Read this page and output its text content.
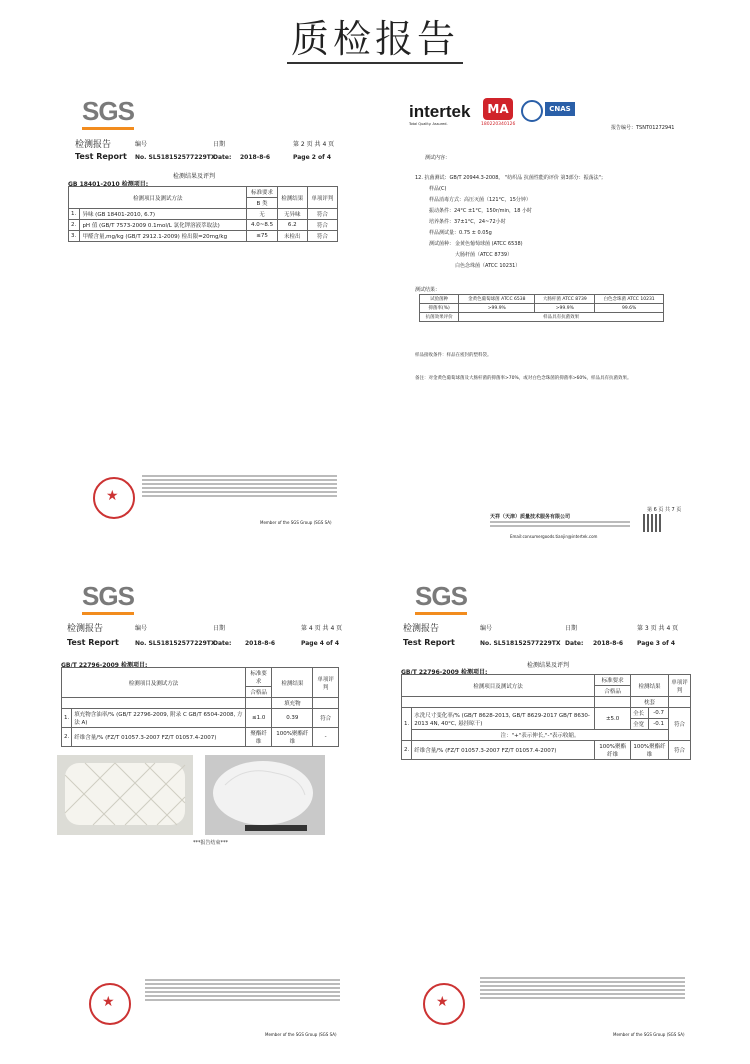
质检报告
SGS
检测报告	编号	日期	第 2 页 共 4 页
Test Report No. SL518152577229TX
Date: 2018-8-6	Page 2 of 4
检测结果及评判
GB 18401-2010 检测项目:
检测项目及测试方法		标准要求	检测结果	单项评判
		B 类		
1.	异味 (GB 18401-2010, 6.7)	无	无异味	符合
2.	pH 值 (GB/T 7573-2009 0.1mol/L 氯化钾溶液萃取法)	4.0~8.5	6.2	符合
3.	甲醛含量,mg/kg (GB/T 2912.1-2009) 检出限=20mg/kg	≤75	未检出	符合
★
Member of the SGS Group (SGS SA)
intertek
Total Quality. Assured.
MA
180220340126
CNAS
报告编号：TSNT01272941
测试内容：
12. 抗菌测试：GB/T 20944.3-2008。 "纺织品 抗菌性能的评价 第3部分：振荡法"；
样品(C)
样品消毒方式：高压灭菌（121°C，15分钟）
振动条件：24°C ±1°C，150r/min，18 小时
培养条件：37±1°C，24~72小时
样品测试量：0.75 ± 0.05g
测试菌种： 金黄色葡萄球菌 (ATCC 6538)
大肠杆菌（ATCC 8739）
白色念珠菌（ATCC 10231）
测试结果：
试验菌种	金黄色葡萄球菌 ATCC 6538	大肠杆菌 ATCC 8739	白色念珠菌 ATCC 10231
抑菌率(%)	>99.9%	>99.9%	99.6%
抗菌效果评价	样品具有抗菌效果		
样品接收条件：样品在密封的塑料袋。
备注：对金黄色葡萄球菌及大肠杆菌的抑菌率>70%，或对白色念珠菌的抑菌率>60%，样品具有抗菌效果。
第 6 页 共 7 页
天祥（天津）质量技术服务有限公司
Email:consumergoods.tianjin@intertek.com
SGS
检测报告	编号	日期	第 4 页 共 4 页
Test Report	No. SL518152577229TX
Date: 2018-8-6	Page 4 of 4
GB/T 22796-2009 检测项目:
检测项目及测试方法		标准要求	检测结果	单项评判
		合格品		
			填充物	
1.	填充物含油率/% (GB/T 22796-2009, 附录 C GB/T 6504-2008, 方法 A)	≤1.0	0.39	符合
2.	纤维含量/% (FZ/T 01057.3-2007 FZ/T 01057.4-2007)	聚酯纤维	100%聚酯纤维	-
***报告结束***
★
Member of the SGS Group (SGS SA)
SGS
检测报告	编号	日期	第 3 页 共 4 页
Test Report	No. SL518152577229TX Date: 2018-8-6 Page 3 of 4
检测结果及评判
GB/T 22796-2009 检测项目:
检测项目及测试方法		标准要求	检测结果		单项评判
		合格品			
			枕套		
1.	水洗尺寸变化率/% (GB/T 8628-2013, GB/T 8629-2017 GB/T 8630-2013 4N, 40°C, 悬挂晾干)	±5.0	全长	-0.7	符合
			全宽	-0.1	
	注："+"表示伸长,"-"表示收缩。				
2.	纤维含量/% (FZ/T 01057.3-2007 FZ/T 01057.4-2007)	100%聚酯纤维	100%聚酯纤维		符合
★
Member of the SGS Group (SGS SA)
